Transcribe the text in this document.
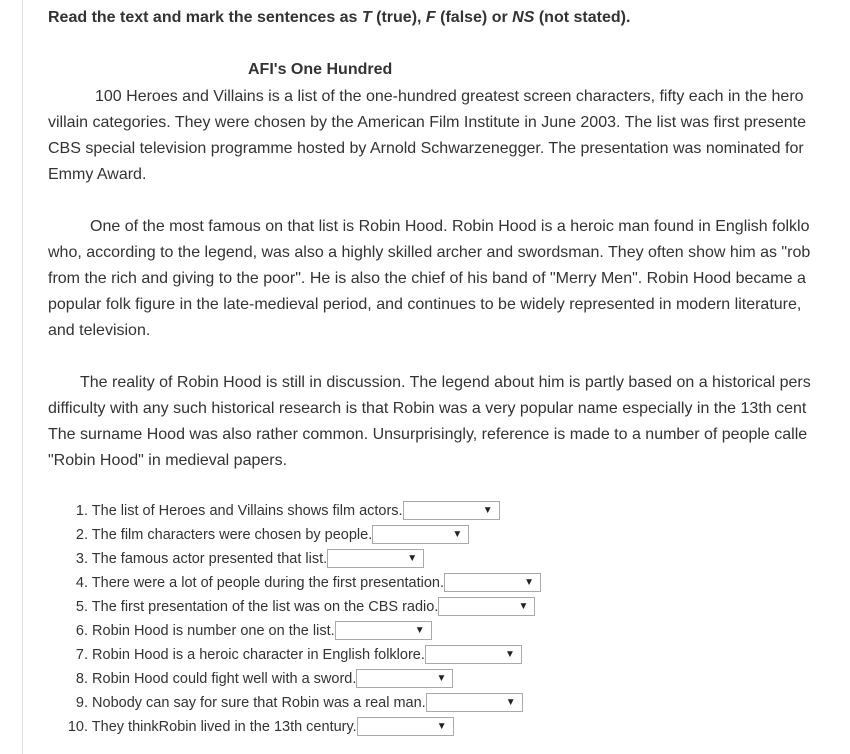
Read the text and mark the sentences as T (true), F (false) or NS (not stated).
AFI's One Hundred
100 Heroes and Villains is a list of the one-hundred greatest screen characters, fifty each in the hero
villain categories. They were chosen by the American Film Institute in June 2003. The list was first presente
CBS special television programme hosted by Arnold Schwarzenegger. The presentation was nominated for
Emmy Award.
One of the most famous on that list is Robin Hood. Robin Hood is a heroic man found in English folklo
who, according to the legend, was also a highly skilled archer and swordsman. They often show him as "rob
from the rich and giving to the poor". He is also the chief of his band of "Merry Men". Robin Hood became a
popular folk figure in the late-medieval period, and continues to be widely represented in modern literature,
and television.
The reality of Robin Hood is still in discussion. The legend about him is partly based on a historical pers
difficulty with any such historical research is that Robin was a very popular name especially in the 13th cent
The surname Hood was also rather common. Unsurprisingly, reference is made to a number of people calle
"Robin Hood" in medieval papers.
1. The list of Heroes and Villains shows film actors.	▼
2. The film characters were chosen by people.	▼
3. The famous actor presented that list.	▼
4. There were a lot of people during the first presentation.	▼
5. The first presentation of the list was on the CBS radio.	▼
6. Robin Hood is number one on the list.	▼
7. Robin Hood is a heroic character in English folklore.	▼
8. Robin Hood could fight well with a sword.	▼
9. Nobody can say for sure that Robin was a real man.	▼
10. They thinkRobin lived in the 13th century.	▼
